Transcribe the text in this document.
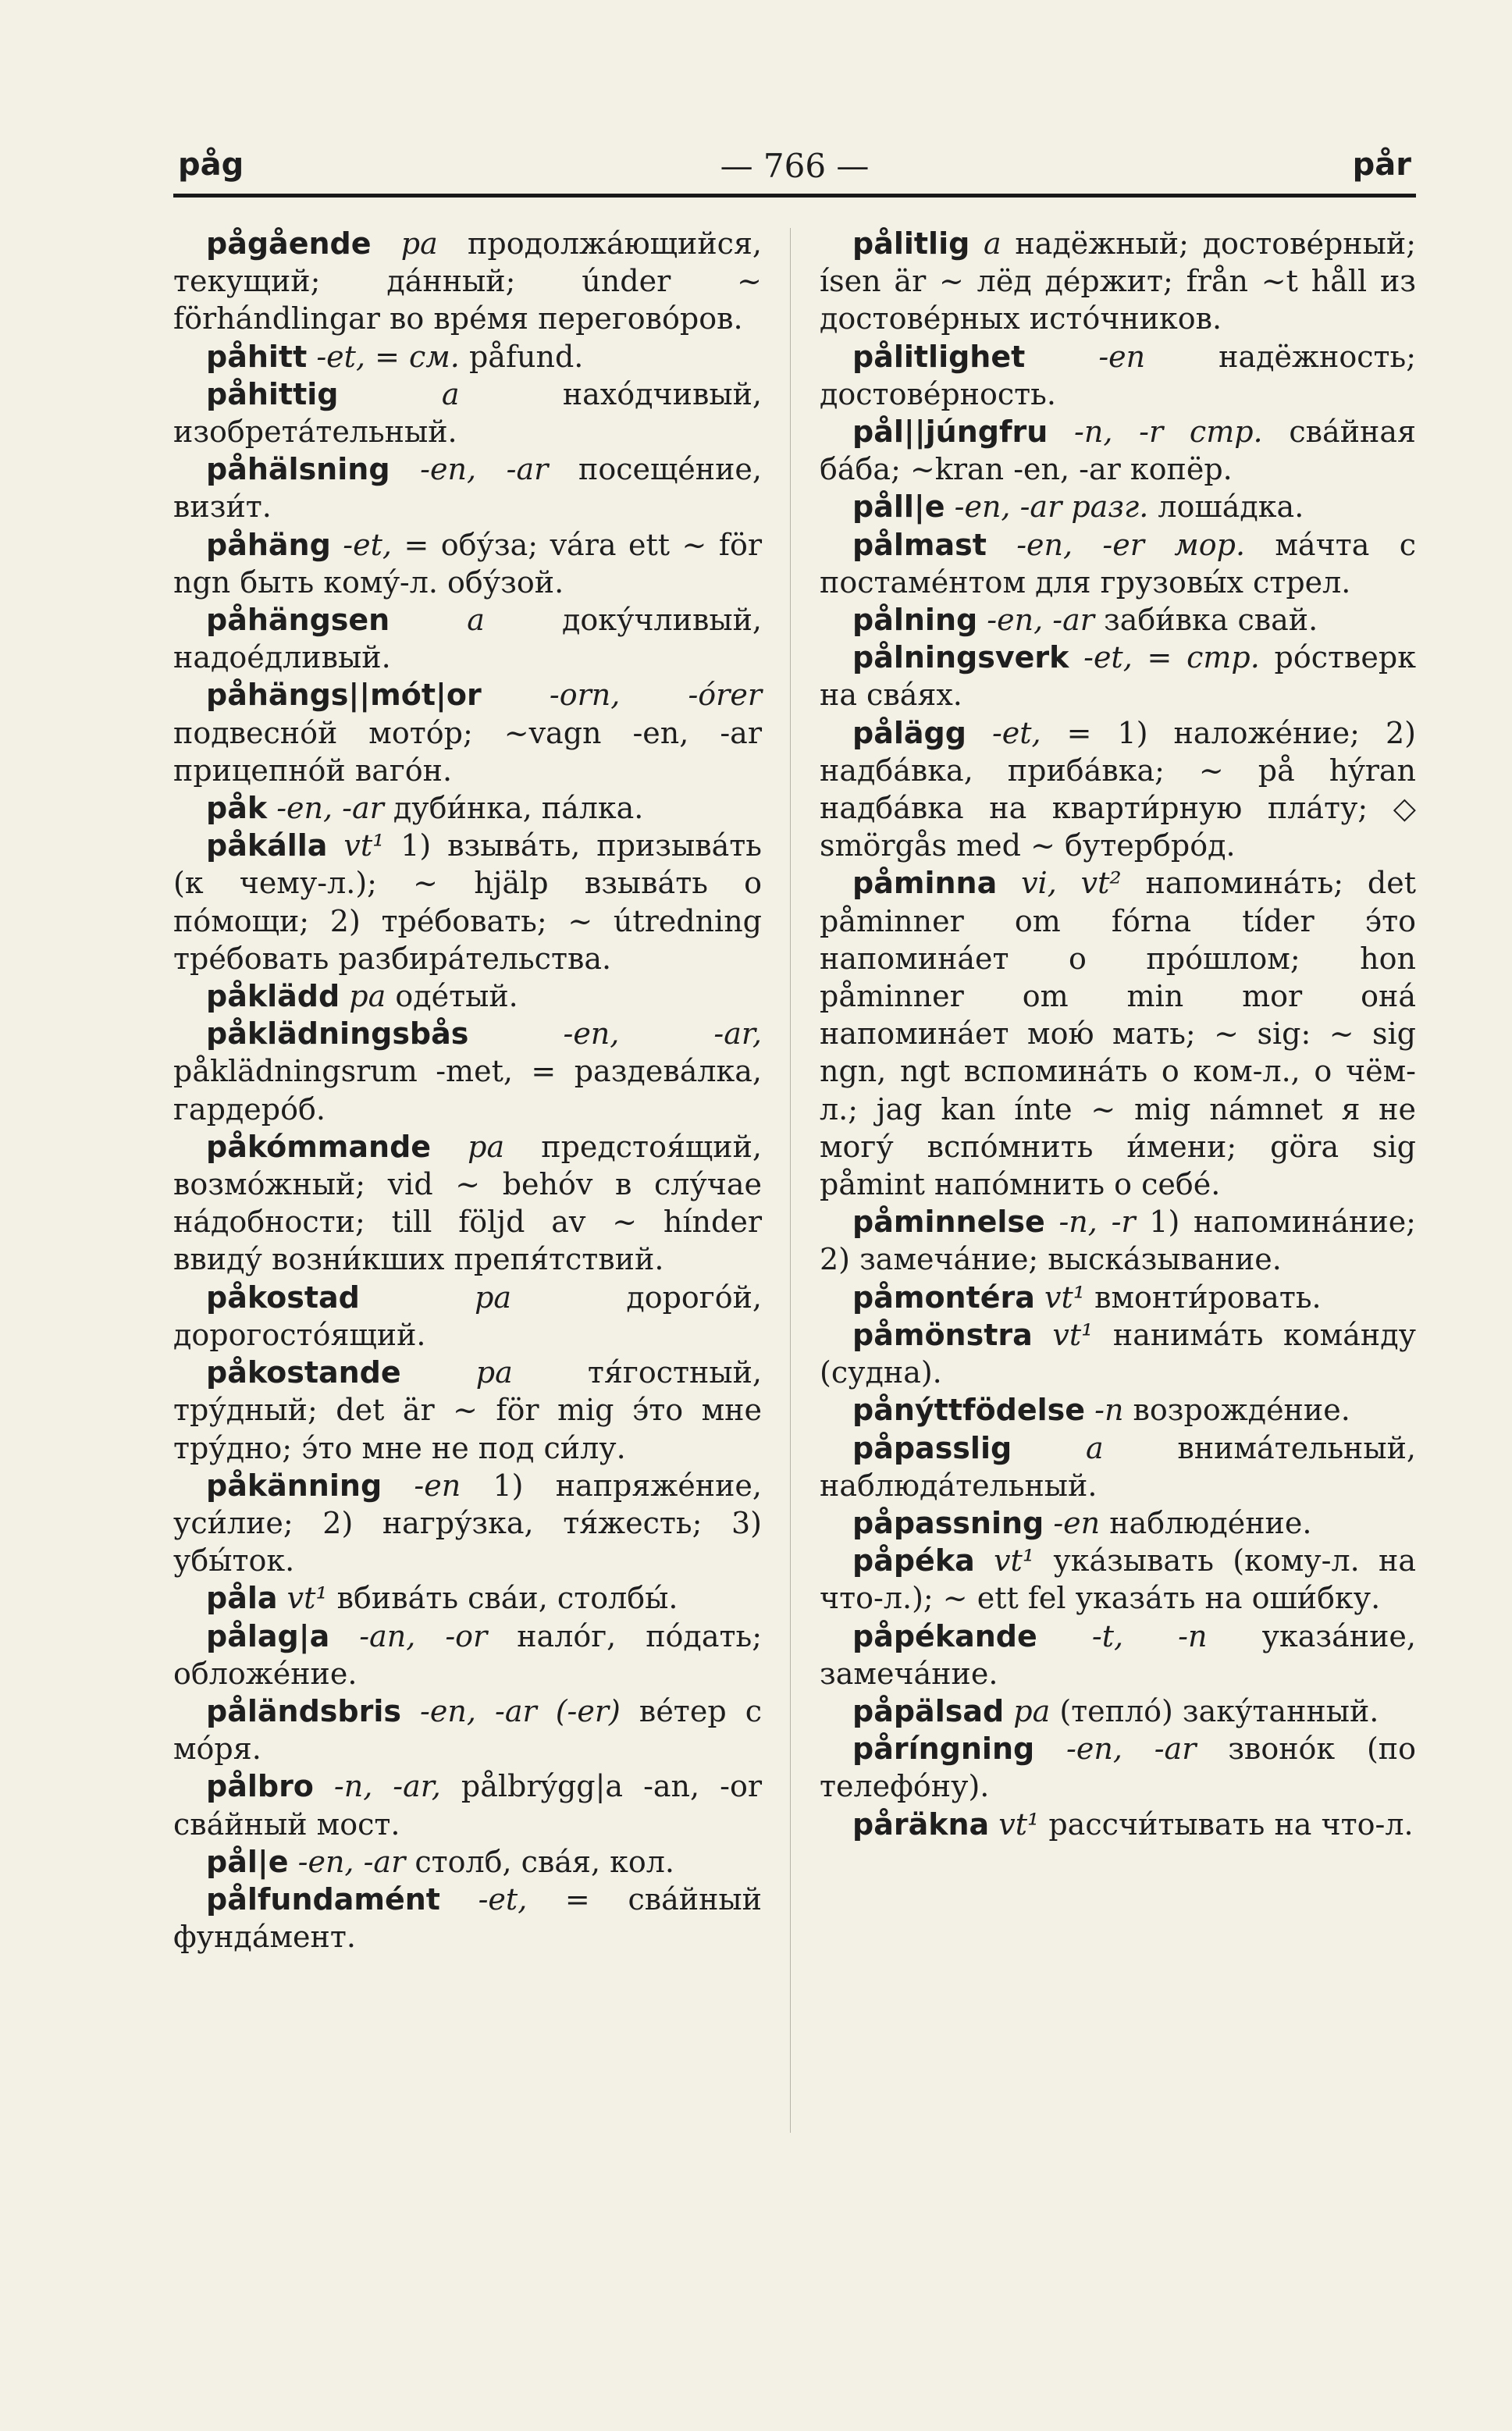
— 766 —
påg	pår

pågående pa продолжа́ющийся, текущий; да́нный; únder ~ förhándlingar во вре́мя переговóров.

påhitt -et, = см. påfund.

påhittig a нахóдчивый, изобрета́тельный.

påhälsning -en, -ar посещéние, визи́т.

påhäng -et, = обу́за; vára ett ~ för ngn быть комý-л. обу́зой.

påhängsen a доку́чливый, надое́дливый.

påhängs||mót|or -orn, -órer подвеснóй мотóр; ~vagn -en, -ar прицепнóй вагóн.

påk -en, -ar дуби́нка, па́лка.

påkálla vt¹ 1) взыва́ть, призыва́ть (к чему-л.); ~ hjälp взыва́ть о пóмощи; 2) трéбовать; ~ útredning трéбовать разбира́тельства.

påklädd pa одéтый.

påklädningsbås -en, -ar, påklädningsrum -met, = раздева́лка, гардерóб.

påkómmande pa предстоя́щий, возмóжный; vid ~ behóv в слу́чае на́добности; till följd av ~ hínder ввиду́ возни́кших препя́тствий.

påkostad pa дорогóй, дорогостóящий.

påkostande pa тя́гостный, тру́дный; det är ~ för mig э́то мне тру́дно; э́то мне не под си́лу.

påkänning -en 1) напряжéние, уси́лие; 2) нагру́зка, тя́жесть; 3) убы́ток.

påla vt¹ вбива́ть сва́и, столбы́.

pålag|a -an, -or налóг, пóдать; обложéние.

påländsbris -en, -ar (-er) вéтер с мóря.

pålbro -n, -ar, pålbrýgg|a -an, -or сва́йный мост.

pål|e -en, -ar столб, сва́я, кол.

pålfundamént -et, = сва́йный фунда́мент.

pålitlig a надёжный; достовéрный; ísen är ~ лёд дéржит; från ~t håll из достовéрных истóчников.

pålitlighet -en надёжность; достовéрность.

pål||júngfru -n, -r стр. сва́йная ба́ба; ~kran -en, -ar копёр.

påll|e -en, -ar разг. лоша́дка.

pålmast -en, -er мор. ма́чта с постамéнтом для грузовы́х стрел.

pålning -en, -ar заби́вка свай.

pålningsverk -et, = стр. рóстверк на сва́ях.

pålägg -et, = 1) наложéние; 2) надба́вка, приба́вка; ~ på hýran надба́вка на кварти́рную пла́ту; ◇ smörgås med ~ бутербрóд.

påminna vi, vt² напомина́ть; det påminner om fórna tíder э́то напоминáет о прóшлом; hon påminner om min mor она́ напоминáет мою́ мать; ~ sig: ~ sig ngn, ngt вспомина́ть о ком-л., о чём-л.; jag kan ínte ~ mig námnet я не могу́ вспóмнить и́мени; göra sig påmint напóмнить о себé.

påminnelse -n, -r 1) напоминáние; 2) замечáние; выска́зывание.

påmontéra vt¹ вмонти́ровать.

påmönstra vt¹ нанима́ть комáнду (судна).

pånýttfödelse -n возрождéние.

påpasslig a внима́тельный, наблюда́тельный.

påpassning -en наблюдéние.

påpéka vt¹ ука́зывать (кому-л. на что-л.); ~ ett fel указа́ть на оши́бку.

påpékande -t, -n указáние, замечáние.

påpälsad pa (теплó) заку́танный.

påríngning -en, -ar звонóк (по телефóну).

påräkna vt¹ рассчи́тывать на что-л.
